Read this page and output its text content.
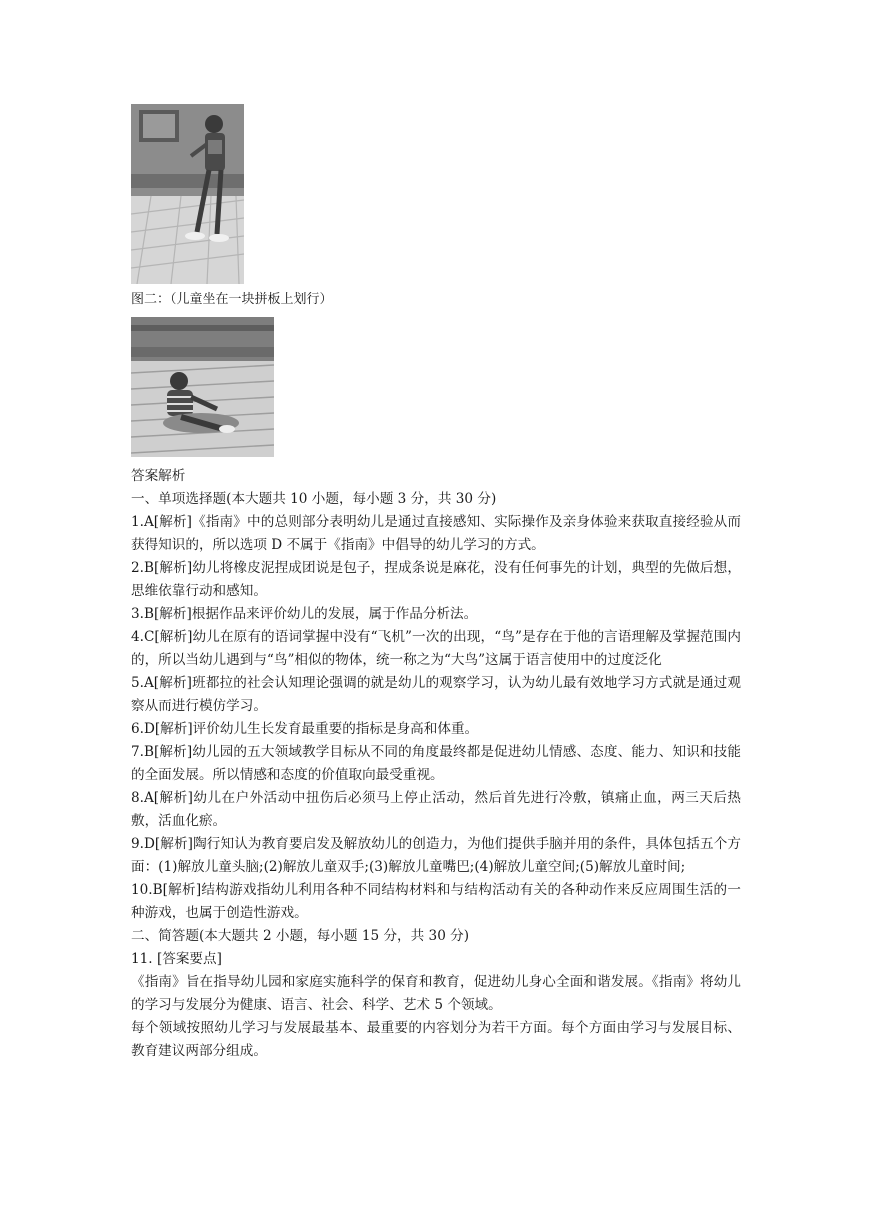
图二：（儿童坐在一块拼板上划行）

答案解析

一、单项选择题(本大题共 10 小题，每小题 3 分，共 30 分)

1.A[解析]《指南》中的总则部分表明幼儿是通过直接感知、实际操作及亲身体验来获取直接经验从而获得知识的，所以选项 D 不属于《指南》中倡导的幼儿学习的方式。

2.B[解析]幼儿将橡皮泥捏成团说是包子，捏成条说是麻花，没有任何事先的计划，典型的先做后想，思维依靠行动和感知。

3.B[解析]根据作品来评价幼儿的发展，属于作品分析法。

4.C[解析]幼儿在原有的语词掌握中没有“飞机”一次的出现，“鸟”是存在于他的言语理解及掌握范围内的，所以当幼儿遇到与“鸟”相似的物体，统一称之为“大鸟”这属于语言使用中的过度泛化

5.A[解析]班都拉的社会认知理论强调的就是幼儿的观察学习，认为幼儿最有效地学习方式就是通过观察从而进行模仿学习。

6.D[解析]评价幼儿生长发育最重要的指标是身高和体重。

7.B[解析]幼儿园的五大领域教学目标从不同的角度最终都是促进幼儿情感、态度、能力、知识和技能的全面发展。所以情感和态度的价值取向最受重视。

8.A[解析]幼儿在户外活动中扭伤后必须马上停止活动，然后首先进行冷敷，镇痛止血，两三天后热敷，活血化瘀。

9.D[解析]陶行知认为教育要启发及解放幼儿的创造力，为他们提供手脑并用的条件，具体包括五个方面：(1)解放儿童头脑;(2)解放儿童双手;(3)解放儿童嘴巴;(4)解放儿童空间;(5)解放儿童时间;

10.B[解析]结构游戏指幼儿利用各种不同结构材料和与结构活动有关的各种动作来反应周围生活的一种游戏，也属于创造性游戏。

二、简答题(本大题共 2 小题，每小题 15 分，共 30 分)

11. [答案要点]

《指南》旨在指导幼儿园和家庭实施科学的保育和教育，促进幼儿身心全面和谐发展。《指南》将幼儿的学习与发展分为健康、语言、社会、科学、艺术 5 个领域。

每个领域按照幼儿学习与发展最基本、最重要的内容划分为若干方面。每个方面由学习与发展目标、教育建议两部分组成。
